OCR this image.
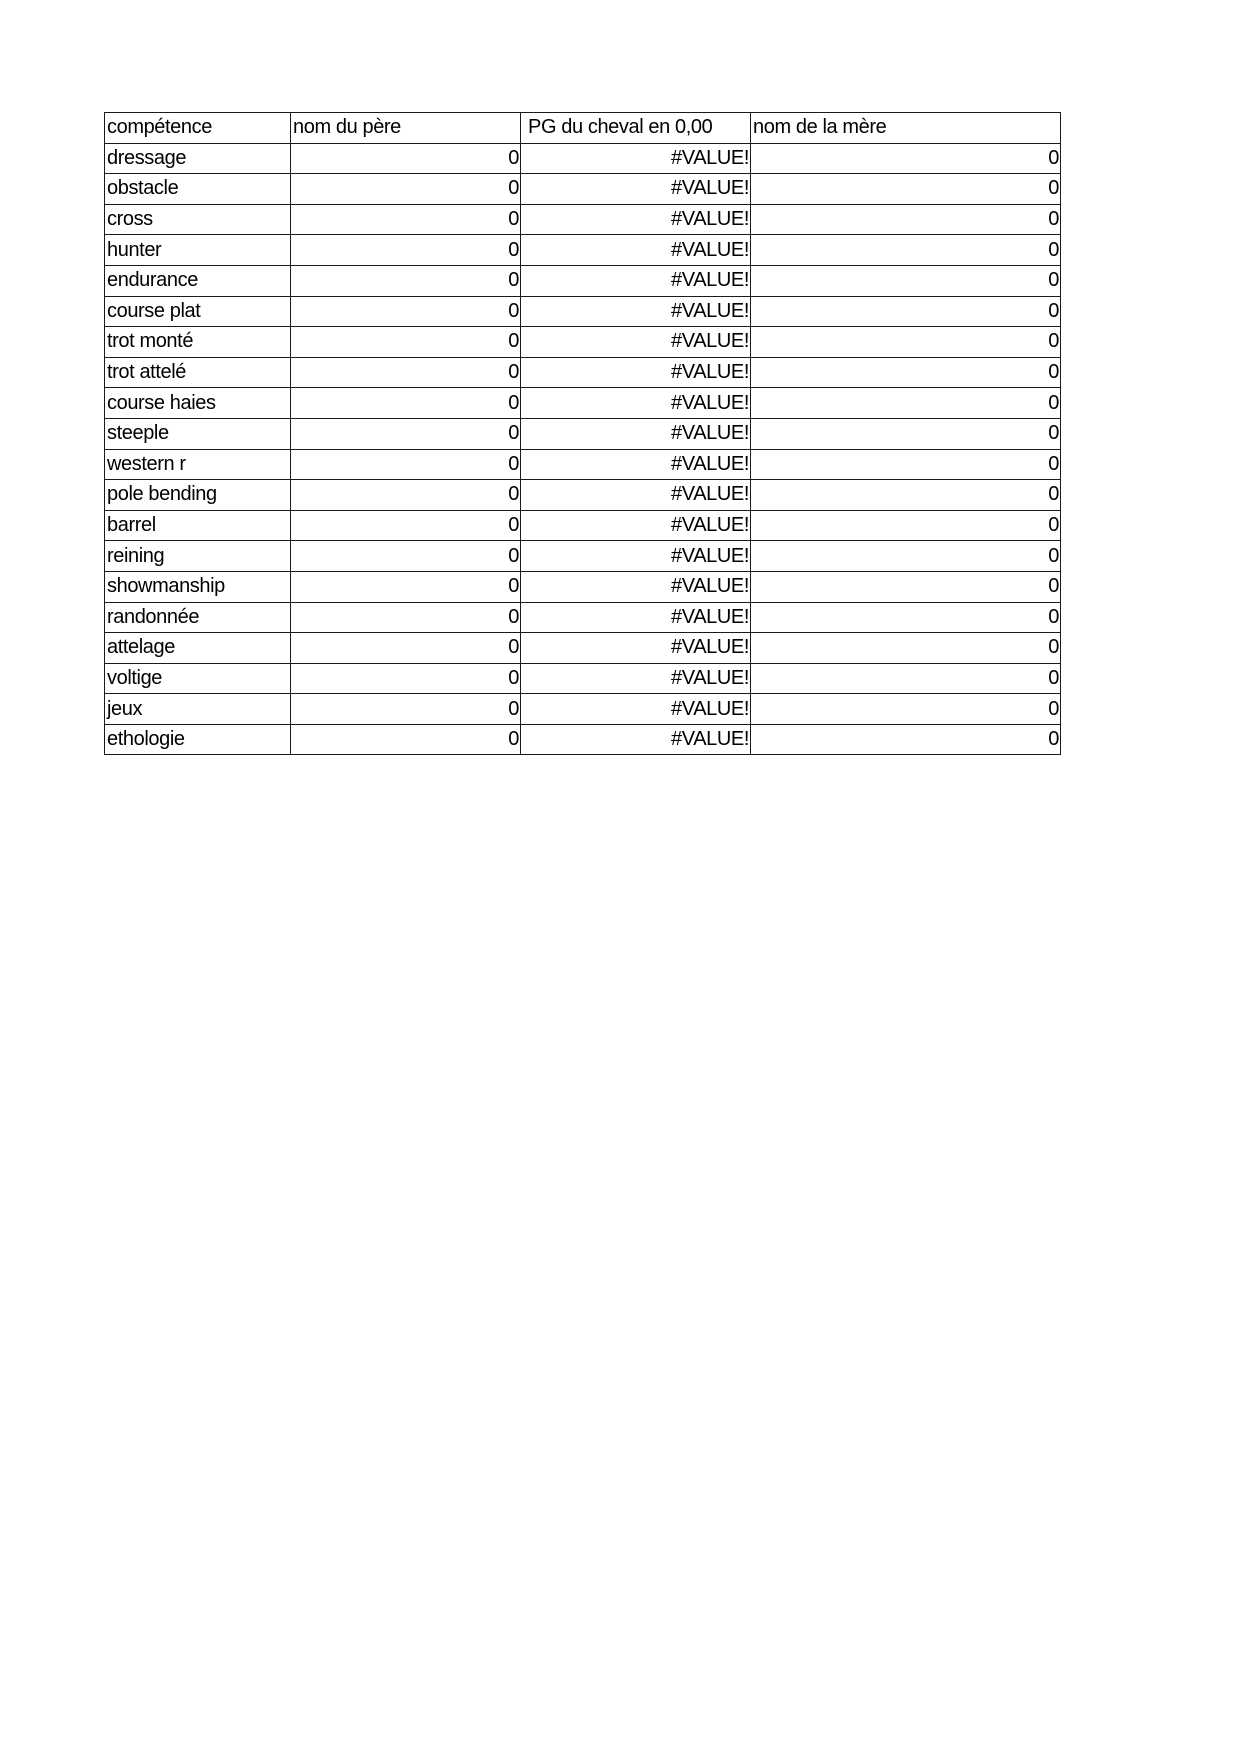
compétence	nom du père	PG du cheval en 0,00	nom de la mère
dressage	0	#VALUE!	0
obstacle	0	#VALUE!	0
cross	0	#VALUE!	0
hunter	0	#VALUE!	0
endurance	0	#VALUE!	0
course plat	0	#VALUE!	0
trot monté	0	#VALUE!	0
trot attelé	0	#VALUE!	0
course haies	0	#VALUE!	0
steeple	0	#VALUE!	0
western r	0	#VALUE!	0
pole bending	0	#VALUE!	0
barrel	0	#VALUE!	0
reining	0	#VALUE!	0
showmanship	0	#VALUE!	0
randonnée	0	#VALUE!	0
attelage	0	#VALUE!	0
voltige	0	#VALUE!	0
jeux	0	#VALUE!	0
ethologie	0	#VALUE!	0
